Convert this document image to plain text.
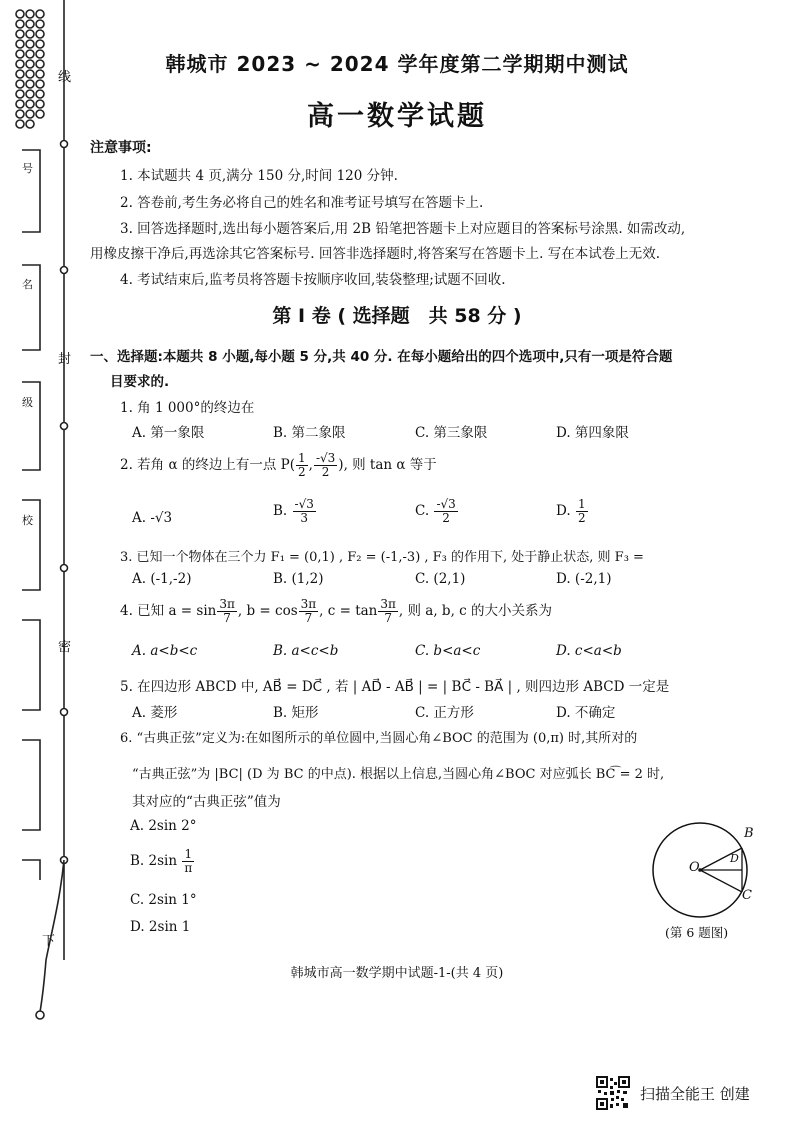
线
封
密
下
号
名
级
校
韩城市 2023 ~ 2024 学年度第二学期期中测试
高一数学试题
注意事项:
1. 本试题共 4 页,满分 150 分,时间 120 分钟.
2. 答卷前,考生务必将自己的姓名和准考证号填写在答题卡上.
3. 回答选择题时,选出每小题答案后,用 2B 铅笔把答题卡上对应题目的答案标号涂黑. 如需改动,
用橡皮擦干净后,再选涂其它答案标号. 回答非选择题时,将答案写在答题卡上. 写在本试卷上无效.
4. 考试结束后,监考员将答题卡按顺序收回,装袋整理;试题不回收.
第 Ⅰ 卷 ( 选择题　共 58 分 )
一、选择题:本题共 8 小题,每小题 5 分,共 40 分. 在每小题给出的四个选项中,只有一项是符合题
目要求的.
1. 角 1 000°的终边在
A. 第一象限	B. 第二象限	C. 第三象限	D. 第四象限
2. 若角 α 的终边上有一点 $P( \frac{1}{2}$ , $\frac{-√3}{2}$ ), 则 tan α 等于
A. -√3	B. $\frac{-√3}{3}$	C. $\frac{-√3}{2}$	D. $\frac{1}{2}$
3. 已知一个物体在三个力 F₁ = (0,1) , F₂ = (-1,-3) , F₃ 的作用下, 处于静止状态, 则 F₃ =
A. (-1,-2)	B. (1,2)	C. (2,1)	D. (-2,1)
4. 已知 $a = \sin \frac{3\pi}{7}$ , $b = \cos \frac{3\pi}{7}$ , $c = \tan \frac{3\pi}{7}$ , 则 a, b, c 的大小关系为
A. a<b<c	B. a<c<b	C. b<a<c	D. c<a<b
5. 在四边形 ABCD 中, AB⃗ = DC⃗ , 若 | AD⃗ - AB⃗ | = | BC⃗ - BA⃗ | , 则四边形 ABCD 一定是
A. 菱形	B. 矩形	C. 正方形	D. 不确定
6. “古典正弦”定义为:在如图所示的单位圆中,当圆心角∠BOC 的范围为 (0,π) 时,其所对的
“古典正弦”为 |BC| (D 为 BC 的中点). 根据以上信息,当圆心角∠BOC 对应弧长 BC͡ = 2 时,
其对应的“古典正弦”值为
A. 2sin 2°
B. $2\sin \frac{1}{\pi}$
C. 2sin 1°
D. 2sin 1
O
B
C
D
(第 6 题图)
韩城市高一数学期中试题-1-(共 4 页)
扫描全能王 创建
